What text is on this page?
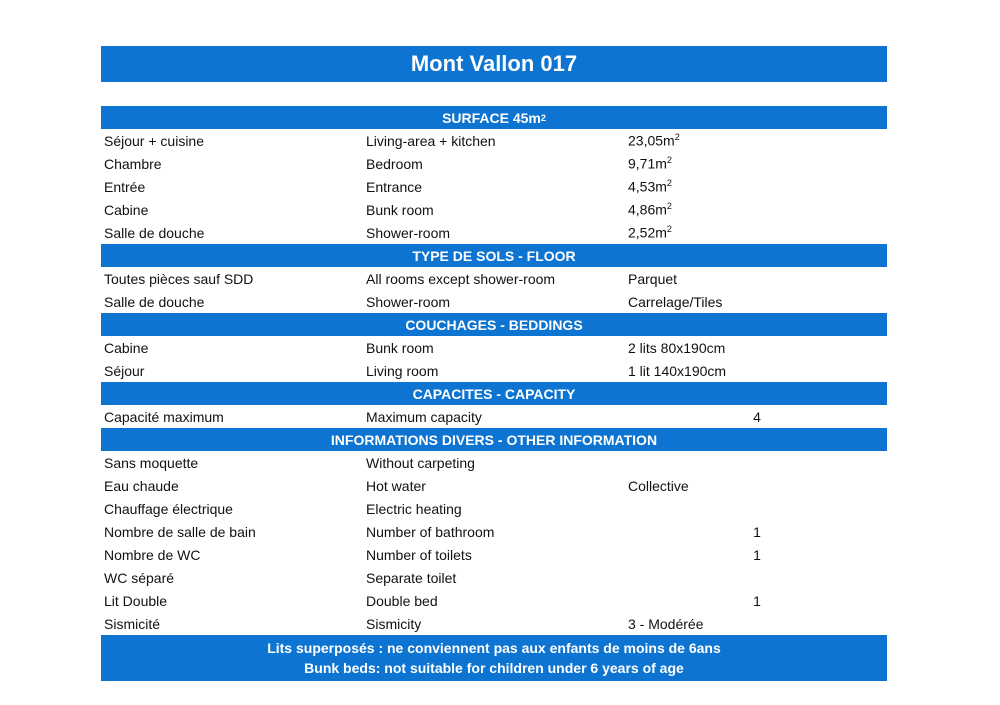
Mont Vallon 017
SURFACE 45m 2
Séjour + cuisine	Living-area + kitchen	$23,05m^2$
Chambre	Bedroom	$9,71m^2$
Entrée	Entrance	$4,53m^2$
Cabine	Bunk room	$4,86m^2$
Salle de douche	Shower-room	$2,52m^2$
TYPE DE SOLS - FLOOR
Toutes pièces sauf SDD	All rooms except shower-room	Parquet
Salle de douche	Shower-room	Carrelage/Tiles
COUCHAGES - BEDDINGS
Cabine	Bunk room	2 lits 80x190cm
Séjour	Living room	1 lit 140x190cm
CAPACITES - CAPACITY
Capacité maximum	Maximum capacity	4
INFORMATIONS DIVERS - OTHER INFORMATION
Sans moquette	Without carpeting
Eau chaude	Hot water	Collective
Chauffage électrique	Electric heating
Nombre de salle de bain	Number of bathroom	1
Nombre de WC	Number of toilets	1
WC séparé	Separate toilet
Lit Double	Double bed	1
Sismicité	Sismicity	3 - Modérée
Lits superposés : ne conviennent pas aux enfants de moins de 6ans
Bunk beds: not suitable for children under 6 years of age
